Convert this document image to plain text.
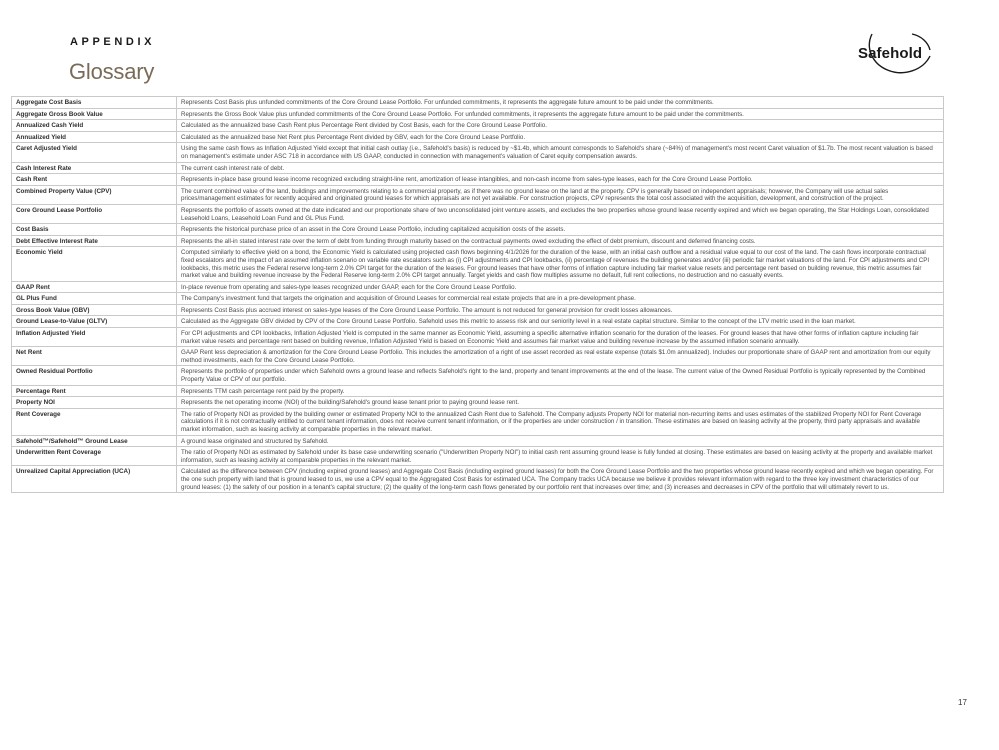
APPENDIX
Glossary
Safehold
Aggregate Cost Basis	Represents Cost Basis plus unfunded commitments of the Core Ground Lease Portfolio. For unfunded commitments, it represents the aggregate future amount to be paid under the commitments.
Aggregate Gross Book Value	Represents the Gross Book Value plus unfunded commitments of the Core Ground Lease Portfolio. For unfunded commitments, it represents the aggregate future amount to be paid under the commitments.
Annualized Cash Yield	Calculated as the annualized base Cash Rent plus Percentage Rent divided by Cost Basis, each for the Core Ground Lease Portfolio.
Annualized Yield	Calculated as the annualized base Net Rent plus Percentage Rent divided by GBV, each for the Core Ground Lease Portfolio.
Caret Adjusted Yield	Using the same cash flows as Inflation Adjusted Yield except that initial cash outlay (i.e., Safehold's basis) is reduced by ~$1.4b, which amount corresponds to Safehold's share (~84%) of management's most recent Caret valuation of $1.7b. The most recent valuation is based on management's estimate under ASC 718 in accordance with US GAAP, conducted in connection with management's valuation of Caret equity compensation awards.
Cash Interest Rate	The current cash interest rate of debt.
Cash Rent	Represents in-place base ground lease income recognized excluding straight-line rent, amortization of lease intangibles, and non-cash income from sales-type leases, each for the Core Ground Lease Portfolio.
Combined Property Value (CPV)	The current combined value of the land, buildings and improvements relating to a commercial property, as if there was no ground lease on the land at the property. CPV is generally based on independent appraisals; however, the Company will use actual sales prices/management estimates for recently acquired and originated ground leases for which appraisals are not yet available. For construction projects, CPV represents the total cost associated with the acquisition, development, and construction of the project.
Core Ground Lease Portfolio	Represents the portfolio of assets owned at the date indicated and our proportionate share of two unconsolidated joint venture assets, and excludes the two properties whose ground lease recently expired and which we began operating, the Star Holdings Loan, consolidated Leasehold Loans, Leasehold Loan Fund and GL Plus Fund.
Cost Basis	Represents the historical purchase price of an asset in the Core Ground Lease Portfolio, including capitalized acquisition costs of the assets.
Debt Effective Interest Rate	Represents the all-in stated interest rate over the term of debt from funding through maturity based on the contractual payments owed excluding the effect of debt premium, discount and deferred financing costs.
Economic Yield	Computed similarly to effective yield on a bond, the Economic Yield is calculated using projected cash flows beginning 4/1/2026 for the duration of the lease, with an initial cash outflow and a residual value equal to our cost of the land. The cash flows incorporate contractual fixed escalators and the impact of an assumed inflation scenario on variable rate escalators such as (i) CPI adjustments and CPI lookbacks, (ii) percentage of revenues the building generates and/or (iii) periodic fair market valuations of the land. For CPI adjustments and CPI lookbacks, this metric uses the Federal reserve long-term 2.0% CPI target for the duration of the leases. For ground leases that have other forms of inflation capture including fair market value resets and percentage rent based on building revenue, this metric assumes fair market value and building revenue increase by the Federal Reserve long-term 2.0% CPI target annually. Target yields and cash flow multiples assume no default, full rent collections, no destruction and no casualty events.
GAAP Rent	In-place revenue from operating and sales-type leases recognized under GAAP, each for the Core Ground Lease Portfolio.
GL Plus Fund	The Company's investment fund that targets the origination and acquisition of Ground Leases for commercial real estate projects that are in a pre-development phase.
Gross Book Value (GBV)	Represents Cost Basis plus accrued interest on sales-type leases of the Core Ground Lease Portfolio. The amount is not reduced for general provision for credit losses allowances.
Ground Lease-to-Value (GLTV)	Calculated as the Aggregate GBV divided by CPV of the Core Ground Lease Portfolio. Safehold uses this metric to assess risk and our seniority level in a real estate capital structure. Similar to the concept of the LTV metric used in the loan market.
Inflation Adjusted Yield	For CPI adjustments and CPI lookbacks, Inflation Adjusted Yield is computed in the same manner as Economic Yield, assuming a specific alternative inflation scenario for the duration of the leases. For ground leases that have other forms of inflation capture including fair market value resets and percentage rent based on building revenue, Inflation Adjusted Yield is based on Economic Yield and assumes fair market value and building revenue increase by the assumed inflation scenario annually.
Net Rent	GAAP Rent less depreciation & amortization for the Core Ground Lease Portfolio. This includes the amortization of a right of use asset recorded as real estate expense (totals $1.0m annualized). Includes our proportionate share of GAAP rent and amortization from our equity method investments, each for the Core Ground Lease Portfolio.
Owned Residual Portfolio	Represents the portfolio of properties under which Safehold owns a ground lease and reflects Safehold's right to the land, property and tenant improvements at the end of the lease. The current value of the Owned Residual Portfolio is typically represented by the Combined Property Value or CPV of our portfolio.
Percentage Rent	Represents TTM cash percentage rent paid by the property.
Property NOI	Represents the net operating income (NOI) of the building/Safehold's ground lease tenant prior to paying ground lease rent.
Rent Coverage	The ratio of Property NOI as provided by the building owner or estimated Property NOI to the annualized Cash Rent due to Safehold. The Company adjusts Property NOI for material non-recurring items and uses estimates of the stabilized Property NOI for Rent Coverage calculations if it is not contractually entitled to current tenant information, does not receive current tenant information, or if the properties are under construction / in transition. These estimates are based on leasing activity at the property, third party appraisals and available market information, such as leasing activity at comparable properties in the relevant market.
Safehold™/Safehold™ Ground Lease	A ground lease originated and structured by Safehold.
Underwritten Rent Coverage	The ratio of Property NOI as estimated by Safehold under its base case underwriting scenario ("Underwritten Property NOI") to initial cash rent assuming ground lease is fully funded at closing. These estimates are based on leasing activity at the property and available market information, such as leasing activity at comparable properties in the relevant market.
Unrealized Capital Appreciation (UCA)	Calculated as the difference between CPV (including expired ground leases) and Aggregate Cost Basis (including expired ground leases) for both the Core Ground Lease Portfolio and the two properties whose ground lease recently expired and which we began operating. For the one such property with land that is ground leased to us, we use a CPV equal to the Aggregated Cost Basis for estimated UCA. The Company tracks UCA because we believe it provides relevant information with regard to the three key investment characteristics of our ground leases: (1) the safety of our position in a tenant's capital structure; (2) the quality of the long-term cash flows generated by our portfolio rent that increases over time; and (3) increases and decreases in CPV of the portfolio that will ultimately revert to us.
17
